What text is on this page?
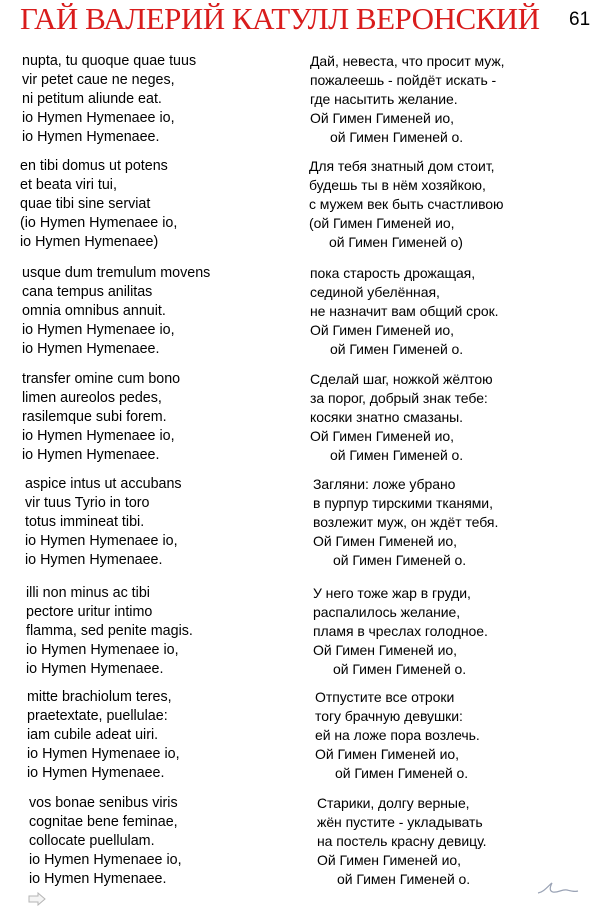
ГАЙ ВАЛЕРИЙ КАТУЛЛ ВЕРОНСКИЙ 61
nupta, tu quoque quae tuus
vir petet caue ne neges,
ni petitum aliunde eat.
io Hymen Hymenaee io,
io Hymen Hymenaee.
Дай, невеста, что просит муж,
пожалеешь - пойдёт искать -
где насытить желание.
Ой Гимен Гименей ио,
ой Гимен Гименей о.
en tibi domus ut potens
et beata viri tui,
quae tibi sine serviat
(io Hymen Hymenaee io,
io Hymen Hymenaee)
Для тебя знатный дом стоит,
будешь ты в нём хозяйкою,
с мужем век быть счастливою
(ой Гимен Гименей ио,
ой Гимен Гименей о)
usque dum tremulum movens
cana tempus anilitas
omnia omnibus annuit.
io Hymen Hymenaee io,
io Hymen Hymenaee.
пока старость дрожащая,
сединой убелённая,
не назначит вам общий срок.
Ой Гимен Гименей ио,
ой Гимен Гименей о.
transfer omine cum bono
limen aureolos pedes,
rasilemque subi forem.
io Hymen Hymenaee io,
io Hymen Hymenaee.
Сделай шаг, ножкой жёлтою
за порог, добрый знак тебе:
косяки знатно смазаны.
Ой Гимен Гименей ио,
ой Гимен Гименей о.
aspice intus ut accubans
vir tuus Tyrio in toro
totus immineat tibi.
io Hymen Hymenaee io,
io Hymen Hymenaee.
Загляни: ложе убрано
в пурпур тирскими тканями,
возлежит муж, он ждёт тебя.
Ой Гимен Гименей ио,
ой Гимен Гименей о.
illi non minus ac tibi
pectore uritur intimo
flamma, sed penite magis.
io Hymen Hymenaee io,
io Hymen Hymenaee.
У него тоже жар в груди,
распалилось желание,
пламя в чреслах голодное.
Ой Гимен Гименей ио,
ой Гимен Гименей о.
mitte brachiolum teres,
praetextate, puellulae:
iam cubile adeat uiri.
io Hymen Hymenaee io,
io Hymen Hymenaee.
Отпустите все отроки
тогу брачную девушки:
ей на ложе пора возлечь.
Ой Гимен Гименей ио,
ой Гимен Гименей о.
vos bonae senibus viris
cognitae bene feminae,
collocate puellulam.
io Hymen Hymenaee io,
io Hymen Hymenaee.
Старики, долгу верные,
жён пустите - укладывать
на постель красну девицу.
Ой Гимен Гименей ио,
ой Гимен Гименей о.
